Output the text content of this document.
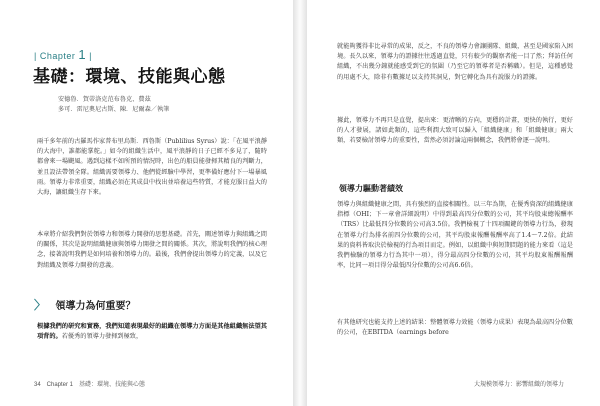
| Chapter 1 |
基礎：環境、技能與心態
安德魯．賀蒂洛克范布魯克、費茲
多可．雷尼奧尼古斯、陳．尼爾森／執筆

兩千多年前的古羅馬作家普布里烏斯．西魯斯（Publilius Syrus）說：「在風平浪靜的大海中，誰都能掌舵。」如今的組織生活中，風平浪靜的日子已經不多見了，隨時都會來一場颶風。遇到這樣不如所預的情況時，出色的船員能發揮其精良的判斷力，並且設法帶領全隊。組織需要領導力、他們從經驗中學習，更準備好應付下一場暴風雨。領導力非常重要，組織必須在其成員中找出並培養這些特質，才能克服日益大的大海，讓組織生存下來。

本章將介紹我們對於領導力和領導力開發的思想基礎。首先，闡述領導力與組織之間的關係，其次是說明組織健康與領導力開發之間的關係。其次，將說明我們的核心理念，接著說明我們是如何培養和領導力的。最後，我們會提出領導力的定義，以及它對組織及領導力開發的意義。

〉 領導力為何重要？

根據我們的研究和實務，我們知道表現最好的組織在領導力方面是其他組織無法望其項背的。若優秀的領導力發揮到極致，

34　Chapter 1　基礎：環境、技能與心態

就能夠獲得非比尋常的成果，反之，不良的領導力會讓團隊、組織，甚至是國家陷入困境。長久以來，領導力的證據往往透過直覺，只有較少的觀察者能一目了然；拜訪任何組織，不出幾分鐘就能感受到它的氛圍（乃至它的領導者是否稱職）。但是，這種感覺的用處不大，除非有數據足以支持其洞見，對它轉化為具有說服力的證據。

據此，領導力不再只是直覺，提出來：更清晰的方向，更穩的計畫，更快的執行，更好的人才發展，諸如此類的，這些利潤大致可以歸入「組織健康」和「組織健康」兩大類，若要檢討領導力的重要性，當然必須討論這兩個概念，我們將會逐一說明。

領導力驅動著績效

領導力與組織健康之間，具有強烈的直接相關性。以三年為期，在優秀資深的組織健康指標（OHI；下一章會詳細說明）中得到最高四分位數的公司，其平均股東總報酬率（TRS）比最低四分位數的公司高3.5倍。我們檢視了十四項關鍵的領導力行為，發現在領導力行為排名前四分位數的公司，其平均股東報酬報酬率高了1.4～7.2倍。此結果的資料皆取決於檢視的行為項目而定。例如，以組織中與短期問題的能力來看（這是我們檢驗的領導力行為其中一項），得分最高四分位數的公司，其平均股東報酬報酬率，比同一項目得分最低四分位數的公司高6.6倍。

有其他研究也能支持上述的結果：整體領導力效能（領導力成果）表現為最高四分位數的公司，在EBITDA（earnings before

大規模領導力：影響組織的領導力
